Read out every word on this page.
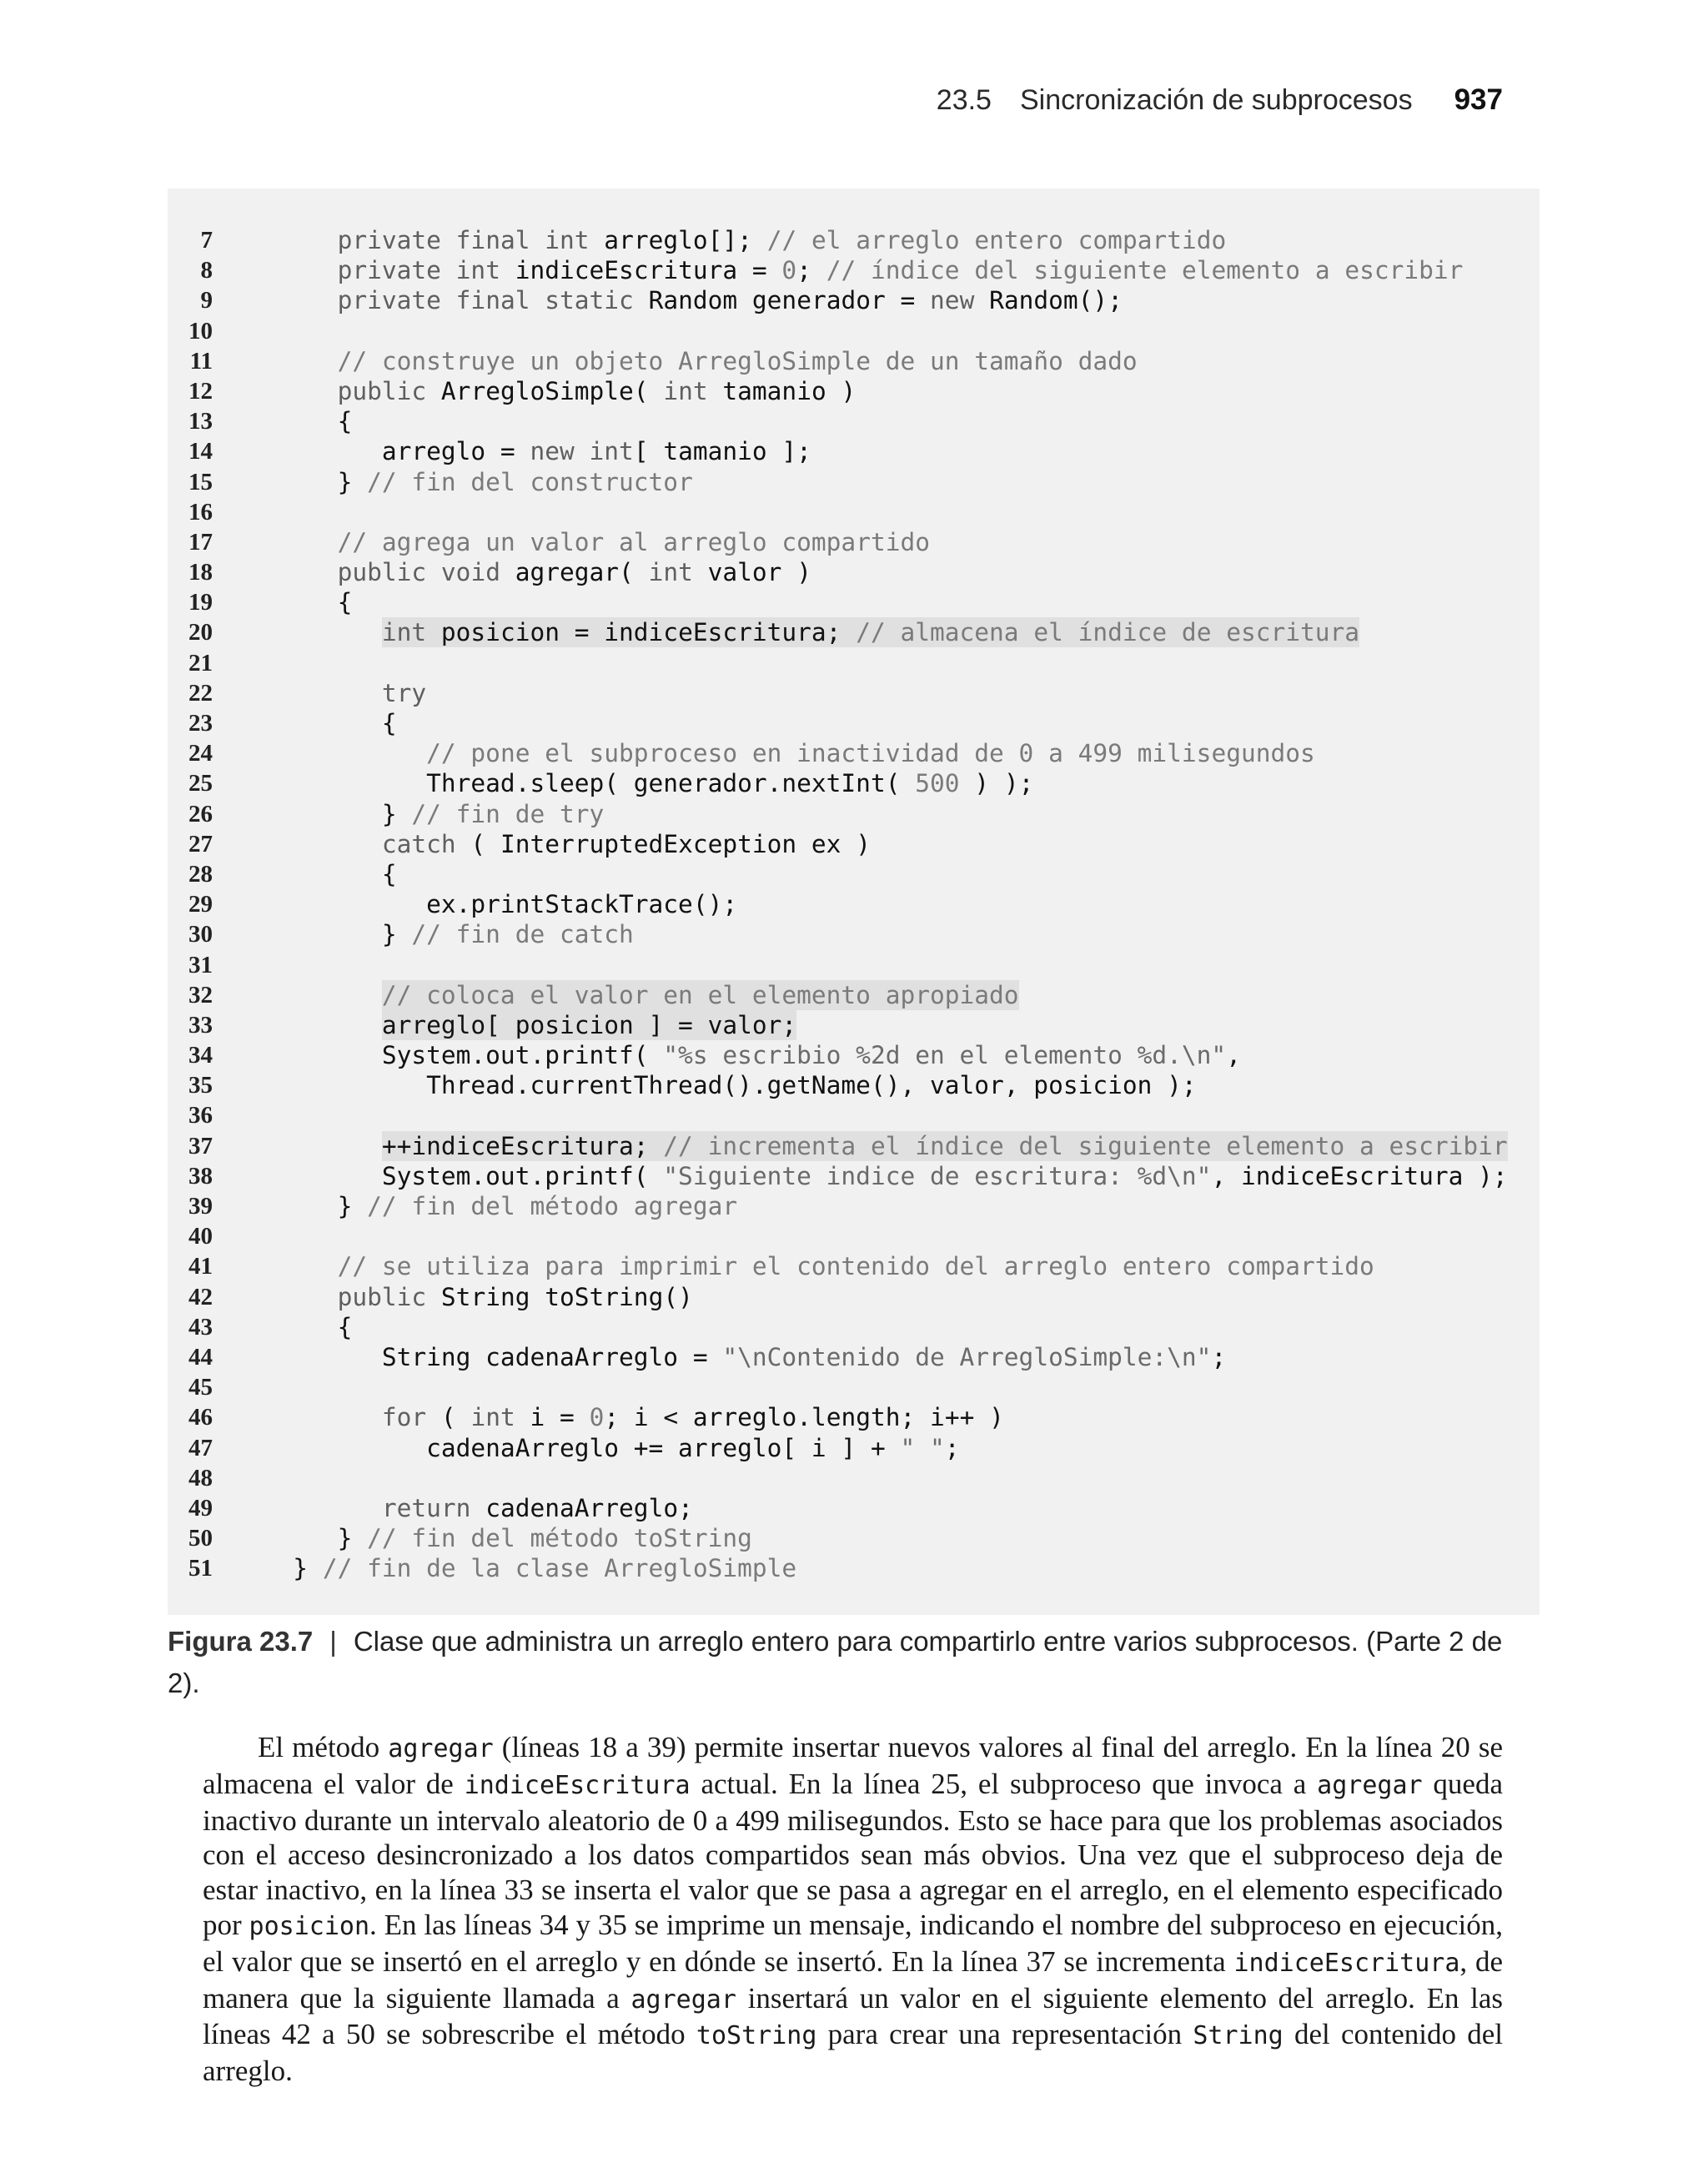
23.5 Sincronización de subprocesos 937
7	private final int arreglo[]; // el arreglo entero compartido
8	private int indiceEscritura = 0; // índice del siguiente elemento a escribir
9	private final static Random generador = new Random();
10
11	// construye un objeto ArregloSimple de un tamaño dado
12	public ArregloSimple( int tamanio )
13 {
14 arreglo = new int[ tamanio ];
15 } // fin del constructor
16
17	// agrega un valor al arreglo compartido
18	public void agregar( int valor )
19 {
20	int posicion = indiceEscritura; // almacena el índice de escritura
21
22	try
23 {
24	// pone el subproceso en inactividad de 0 a 499 milisegundos
25 Thread.sleep( generador.nextInt( 500 ) );
26 } // fin de try
27	catch ( InterruptedException ex )
28 {
29 ex.printStackTrace();
30 } // fin de catch
31
32	// coloca el valor en el elemento apropiado
33	arreglo[ posicion ] = valor;
34 System.out.printf( "%s escribio %2d en el elemento %d.\n",
35 Thread.currentThread().getName(), valor, posicion );
36
37	++indiceEscritura; // incrementa el índice del siguiente elemento a escribir
38 System.out.printf( "Siguiente indice de escritura: %d\n", indiceEscritura );
39 } // fin del método agregar
40
41	// se utiliza para imprimir el contenido del arreglo entero compartido
42	public String toString()
43 {
44 String cadenaArreglo = "\nContenido de ArregloSimple:\n";
45
46	for ( int i = 0; i < arreglo.length; i++ )
47 cadenaArreglo += arreglo[ i ] + " ";
48
49	return cadenaArreglo;
50 } // fin del método toString
51 } // fin de la clase ArregloSimple
Figura 23.7 | Clase que administra un arreglo entero para compartirlo entre varios subprocesos. (Parte 2 de 2).

El método agregar (líneas 18 a 39) permite insertar nuevos valores al final del arreglo. En la línea 20 se almacena el valor de indiceEscritura actual. En la línea 25, el subproceso que invoca a agregar queda inactivo durante un intervalo aleatorio de 0 a 499 milisegundos. Esto se hace para que los problemas asociados con el acceso desincronizado a los datos compartidos sean más obvios. Una vez que el subproceso deja de estar inactivo, en la línea 33 se inserta el valor que se pasa a agregar en el arreglo, en el elemento especificado por posicion. En las líneas 34 y 35 se imprime un mensaje, indicando el nombre del subproceso en ejecución, el valor que se insertó en el arreglo y en dónde se insertó. En la línea 37 se incrementa indiceEscritura, de manera que la siguiente llamada a agregar insertará un valor en el siguiente elemento del arreglo. En las líneas 42 a 50 se sobrescribe el método toString para crear una representación String del contenido del arreglo.
